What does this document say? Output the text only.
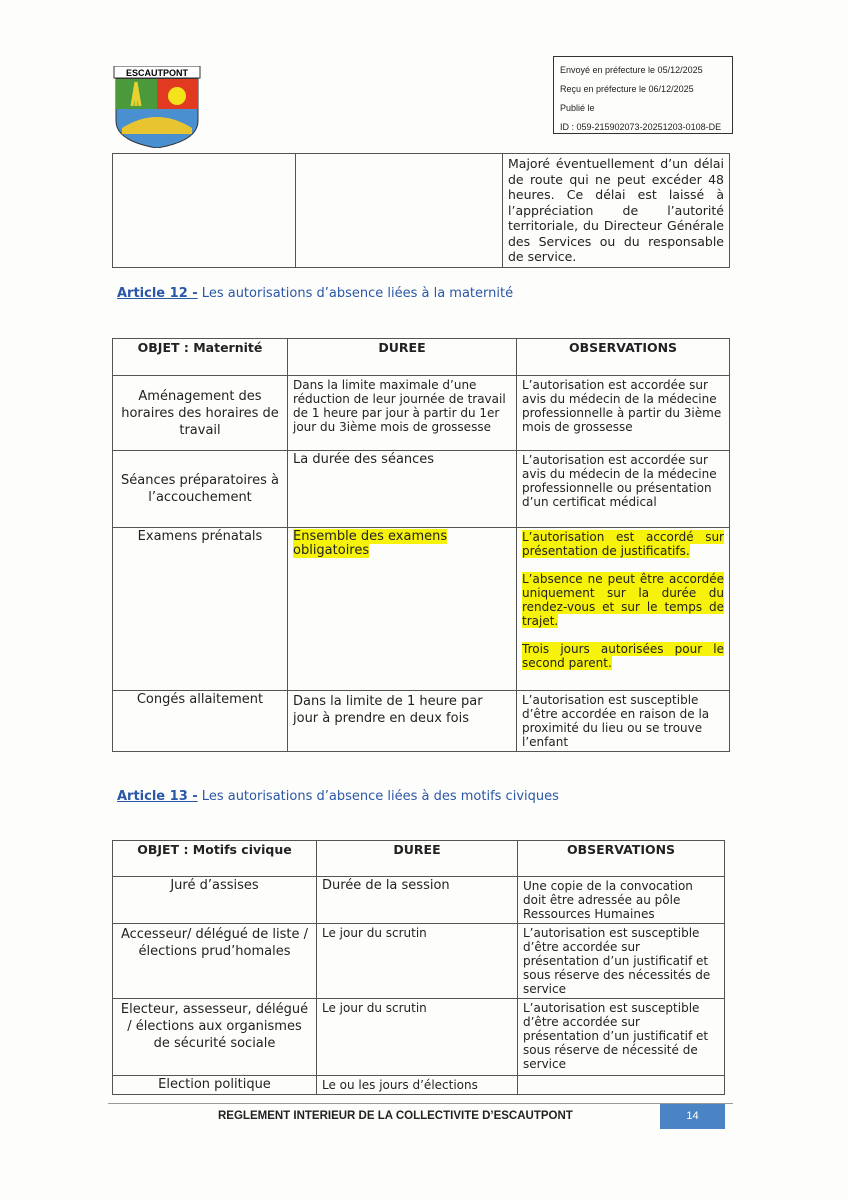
ESCAUTPONT	Envoyé en préfecture le 05/12/2025
Reçu en préfecture le 06/12/2025
Publié le
ID : 059-215902073-20251203-0108-DE
		Majoré éventuellement d’un délai de route qui ne peut excéder 48 heures. Ce délai est laissé à l’appréciation de l’autorité territoriale, du Directeur Générale des Services ou du responsable de service.
Article 12 - Les autorisations d’absence liées à la maternité
OBJET : Maternité	DUREE	OBSERVATIONS
Aménagement des horaires des horaires de travail	Dans la limite maximale d’une réduction de leur journée de travail de 1 heure par jour à partir du 1er jour du 3ième mois de grossesse	L’autorisation est accordée sur avis du médecin de la médecine professionnelle à partir du 3ième mois de grossesse
Séances préparatoires à l’accouchement	La durée des séances	L’autorisation est accordée sur avis du médecin de la médecine professionnelle ou présentation d’un certificat médical
Examens prénatals	Ensemble des examens obligatoires	L’autorisation est accordé sur présentation de justificatifs.

L’absence ne peut être accordée uniquement sur la durée du rendez-vous et sur le temps de trajet.

Trois jours autorisées pour le second parent.
Congés allaitement	Dans la limite de 1 heure par jour à prendre en deux fois	L’autorisation est susceptible d’être accordée en raison de la proximité du lieu ou se trouve l’enfant
Article 13 - Les autorisations d’absence liées à des motifs civiques
OBJET : Motifs civique	DUREE	OBSERVATIONS
Juré d’assises	Durée de la session	Une copie de la convocation doit être adressée au pôle Ressources Humaines
Accesseur/ délégué de liste / élections prud’homales	Le jour du scrutin	L’autorisation est susceptible d’être accordée sur présentation d’un justificatif et sous réserve des nécessités de service
Electeur, assesseur, délégué / élections aux organismes de sécurité sociale	Le jour du scrutin	L’autorisation est susceptible d’être accordée sur présentation d’un justificatif et sous réserve de nécessité de service
Election politique	Le ou les jours d’élections	
REGLEMENT INTERIEUR DE LA COLLECTIVITE D’ESCAUTPONT	14
